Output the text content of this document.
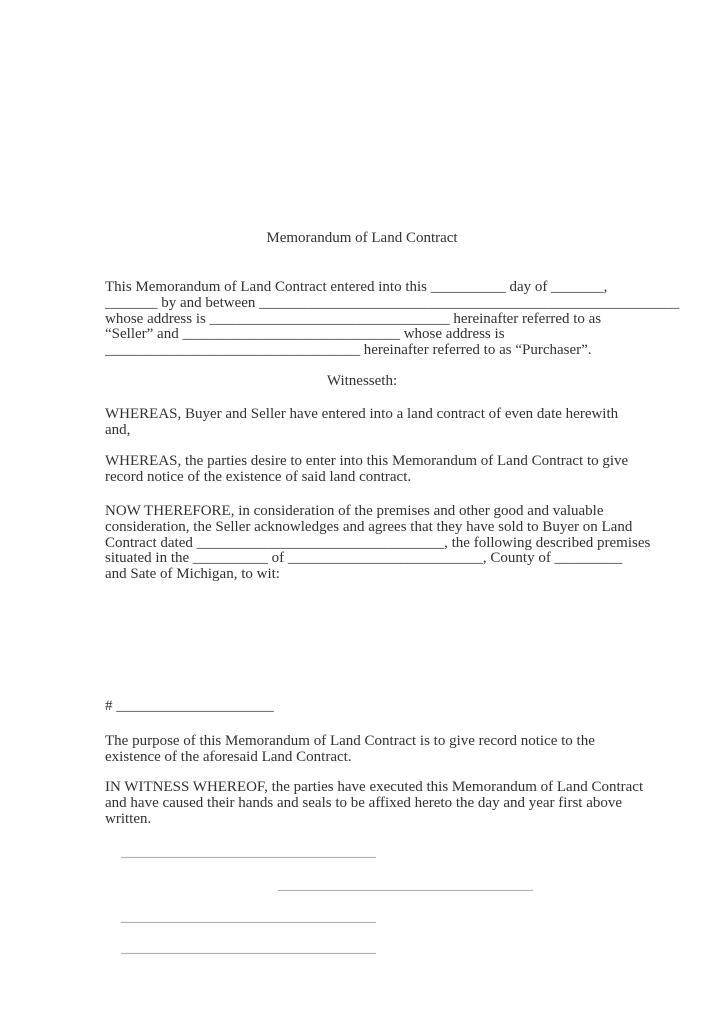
Memorandum of Land Contract
This Memorandum of Land Contract entered into this __________ day of _______,
_______ by and between ________________________________________________________
whose address is ________________________________ hereinafter referred to as
“Seller” and _____________________________ whose address is
__________________________________ hereinafter referred to as “Purchaser”.
Witnesseth:
WHEREAS, Buyer and Seller have entered into a land contract of even date herewith
and,
WHEREAS, the parties desire to enter into this Memorandum of Land Contract to give
record notice of the existence of said land contract.
NOW THEREFORE, in consideration of the premises and other good and valuable
consideration, the Seller acknowledges and agrees that they have sold to Buyer on Land
Contract dated _________________________________, the following described premises
situated in the __________ of __________________________, County of _________
and Sate of Michigan, to wit:
# _____________________
The purpose of this Memorandum of Land Contract is to give record notice to the
existence of the aforesaid Land Contract.
IN WITNESS WHEREOF, the parties have executed this Memorandum of Land Contract
and have caused their hands and seals to be affixed hereto the day and year first above
written.
__________________________________
__________________________________
__________________________________
__________________________________
